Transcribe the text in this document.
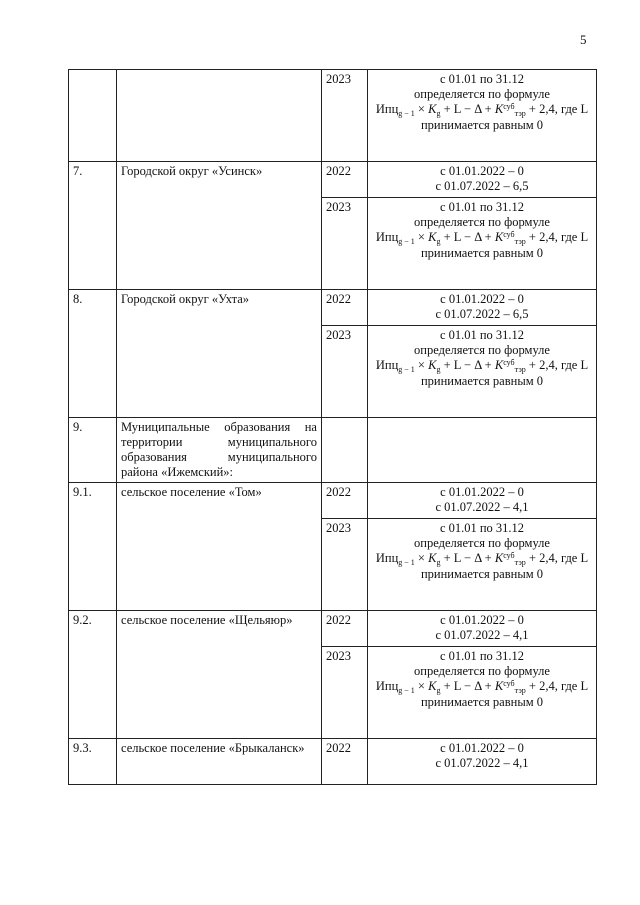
5
		2023	с 01.01 по 31.12
определяется по формуле
$Ипц_{g - 1} \times K_g + L - \Delta + K^{суб}_{тэр} + 2,4$, где L
принимается равным 0

7.	Городской округ «Усинск»	2022	с 01.01.2022 – 0
с 01.07.2022 – 6,5

		2023	с 01.01 по 31.12
определяется по формуле
$Ипц_{g - 1} \times K_g + L - \Delta + K^{суб}_{тэр} + 2,4$, где L
принимается равным 0

8.	Городской округ «Ухта»	2022	с 01.01.2022 – 0
с 01.07.2022 – 6,5

		2023	с 01.01 по 31.12
определяется по формуле
$Ипц_{g - 1} \times K_g + L - \Delta + K^{суб}_{тэр} + 2,4$, где L
принимается равным 0

9.	Муниципальные образования на территории муниципального образования муниципального района «Ижемский»:		
9.1.	сельское поселение «Том»	2022	с 01.01.2022 – 0
с 01.07.2022 – 4,1

		2023	с 01.01 по 31.12
определяется по формуле
$Ипц_{g - 1} \times K_g + L - \Delta + K^{суб}_{тэр} + 2,4$, где L
принимается равным 0

9.2.	сельское поселение «Щельяюр»	2022	с 01.01.2022 – 0
с 01.07.2022 – 4,1

		2023	с 01.01 по 31.12
определяется по формуле
$Ипц_{g - 1} \times K_g + L - \Delta + K^{суб}_{тэр} + 2,4$, где L
принимается равным 0

9.3.	сельское поселение «Брыкаланск»	2022	с 01.01.2022 – 0
с 01.07.2022 – 4,1
